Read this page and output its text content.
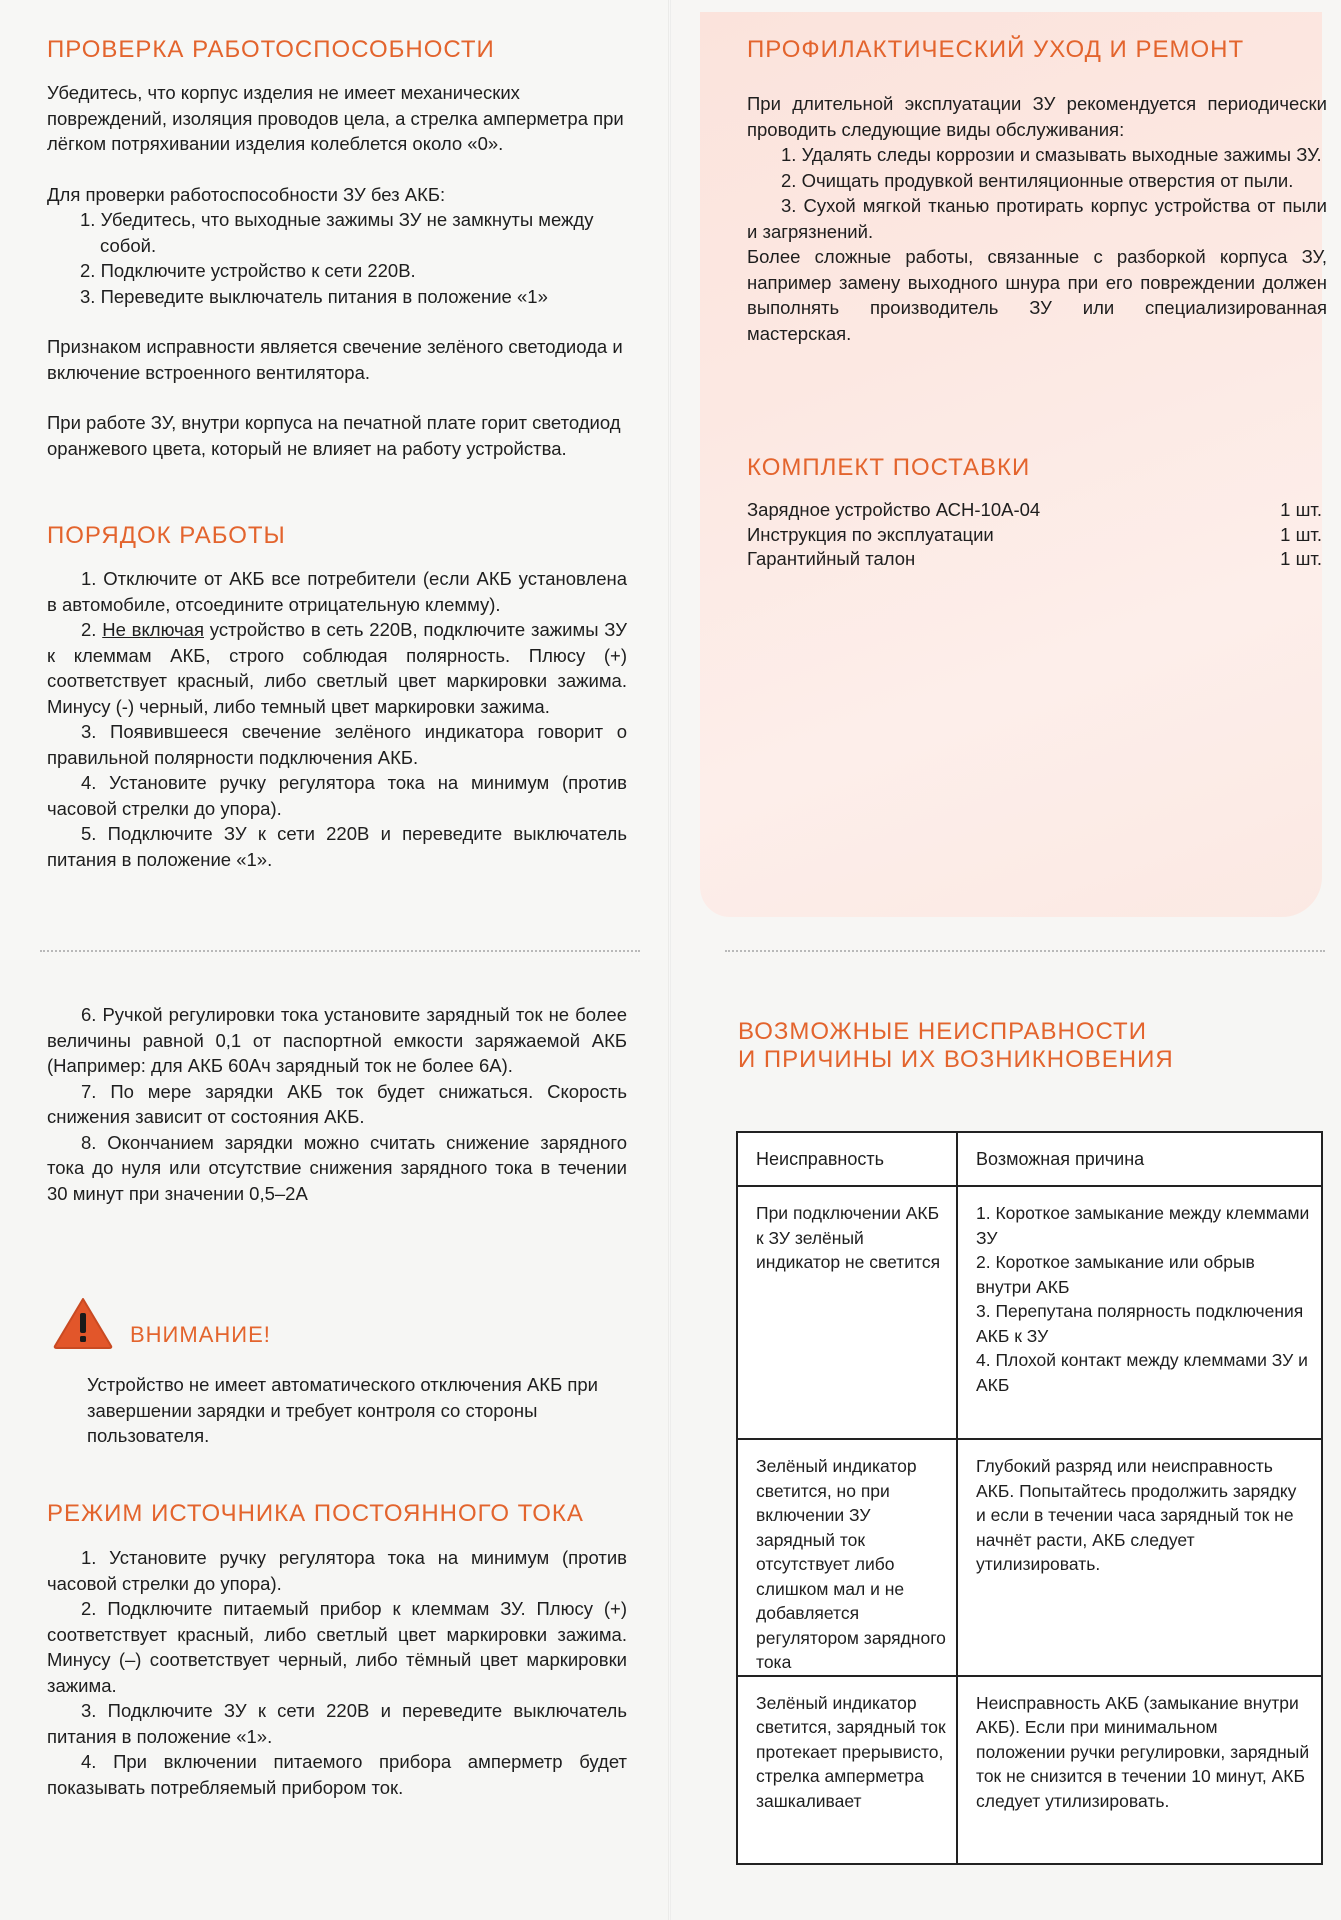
ПРОВЕРКА РАБОТОСПОСОБНОСТИ

Убедитесь, что корпус изделия не имеет механических повреждений, изоляция проводов цела, а стрелка амперметра при лёгком потряхивании изделия колеблется около «0».

Для проверки работоспособности ЗУ без АКБ:

1. Убедитесь, что выходные зажимы ЗУ не замкнуты между собой.
2. Подключите устройство к сети 220В.
3. Переведите выключатель питания в положение «1»

Признаком исправности является свечение зелёного светодиода и включение встроенного вентилятора.

При работе ЗУ, внутри корпуса на печатной плате горит светодиод оранжевого цвета, который не влияет на работу устройства.

ПОРЯДОК РАБОТЫ

1. Отключите от АКБ все потребители (если АКБ установлена в автомобиле, отсоедините отрицательную клемму).

2. Не включая устройство в сеть 220В, подключите зажимы ЗУ к клеммам АКБ, строго соблюдая полярность. Плюсу (+) соответствует красный, либо светлый цвет маркировки зажима. Минусу (-) черный, либо темный цвет маркировки зажима.

3. Появившееся свечение зелёного индикатора говорит о правильной полярности подключения АКБ.

4. Установите ручку регулятора тока на минимум (против часовой стрелки до упора).

5. Подключите ЗУ к сети 220В и переведите выключатель питания в положение «1».

6. Ручкой регулировки тока установите зарядный ток не более величины равной 0,1 от паспортной емкости заряжаемой АКБ (Например: для АКБ 60Ач зарядный ток не более 6А).

7. По мере зарядки АКБ ток будет снижаться. Скорость снижения зависит от состояния АКБ.

8. Окончанием зарядки можно считать снижение зарядного тока до нуля или отсутствие снижения зарядного тока в течении 30 минут при значении 0,5–2А

ВНИМАНИЕ!
Устройство не имеет автоматического отключения АКБ при завершении зарядки и требует контроля со стороны пользователя.
РЕЖИМ ИСТОЧНИКА ПОСТОЯННОГО ТОКА

1. Установите ручку регулятора тока на минимум (против часовой стрелки до упора).

2. Подключите питаемый прибор к клеммам ЗУ. Плюсу (+) соответствует красный, либо светлый цвет маркировки зажима. Минусу (–) соответствует черный, либо тёмный цвет маркировки зажима.

3. Подключите ЗУ к сети 220В и переведите выключатель питания в положение «1».

4. При включении питаемого прибора амперметр будет показывать потребляемый прибором ток.

ПРОФИЛАКТИЧЕСКИЙ УХОД И РЕМОНТ

При длительной эксплуатации ЗУ рекомендуется периодически проводить следующие виды обслуживания:

1. Удалять следы коррозии и смазывать выходные зажимы ЗУ.

2. Очищать продувкой вентиляционные отверстия от пыли.

3. Сухой мягкой тканью протирать корпус устройства от пыли и загрязнений.

Более сложные работы, связанные с разборкой корпуса ЗУ, например замену выходного шнура при его повреждении должен выполнять производитель ЗУ или специализированная мастерская.

КОМПЛЕКТ ПОСТАВКИ
Зарядное устройство АСН-10А-04	1 шт.
Инструкция по эксплуатации	1 шт.
Гарантийный талон	1 шт.
ВОЗМОЖНЫЕ НЕИСПРАВНОСТИ
И ПРИЧИНЫ ИХ ВОЗНИКНОВЕНИЯ
Неисправность	Возможная причина
При подключении АКБ к ЗУ зелёный индикатор не светится	1. Короткое замыкание между клеммами ЗУ

2. Короткое замыкание или обрыв внутри АКБ

3. Перепутана полярность подключения АКБ к ЗУ

4. Плохой контакт между клеммами ЗУ и АКБ

Зелёный индикатор светится, но при включении ЗУ зарядный ток отсутствует либо слишком мал и не добавляется регулятором зарядного тока	Глубокий разряд или неисправность АКБ. Попытайтесь продолжить зарядку и если в течении часа зарядный ток не начнёт расти, АКБ следует утилизировать.
Зелёный индикатор светится, зарядный ток протекает прерывисто, стрелка амперметра зашкаливает	Неисправность АКБ (замыкание внутри АКБ). Если при минимальном положении ручки регулировки, зарядный ток не снизится в течении 10 минут, АКБ следует утилизировать.
